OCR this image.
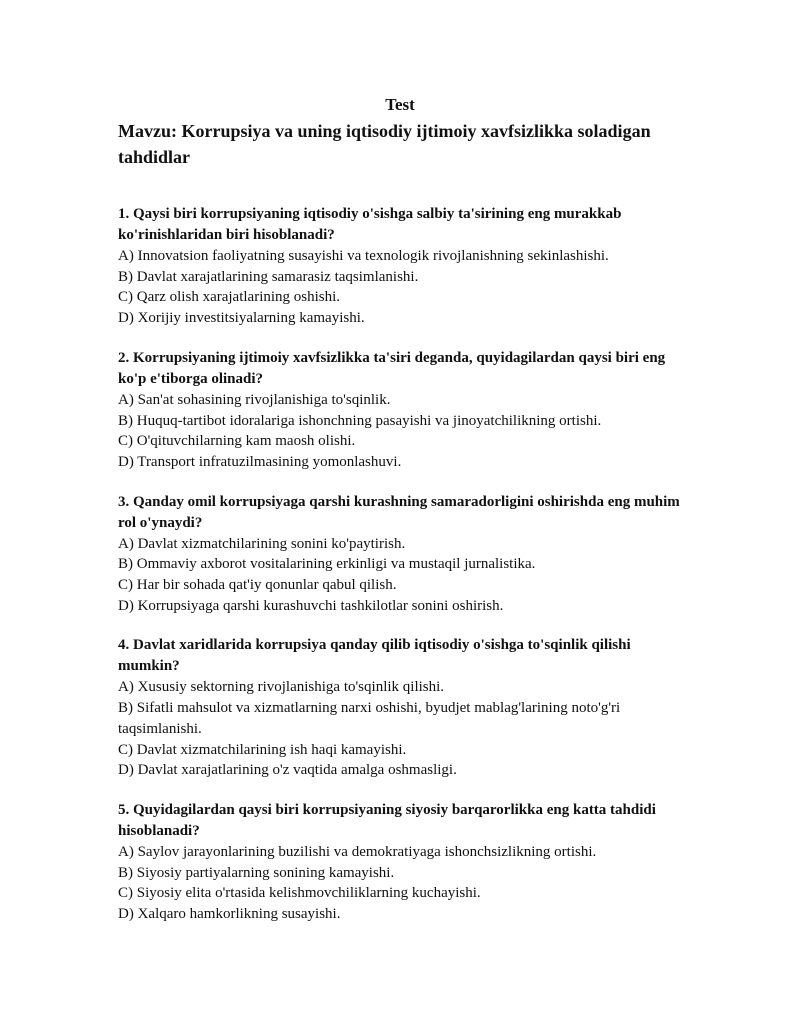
Test
Mavzu: Korrupsiya va uning iqtisodiy ijtimoiy xavfsizlikka soladigan tahdidlar

1. Qaysi biri korrupsiyaning iqtisodiy o'sishga salbiy ta'sirining eng murakkab ko'rinishlaridan biri hisoblanadi?

A) Innovatsion faoliyatning susayishi va texnologik rivojlanishning sekinlashishi.
B) Davlat xarajatlarining samarasiz taqsimlanishi.
C) Qarz olish xarajatlarining oshishi.
D) Xorijiy investitsiyalarning kamayishi.

2. Korrupsiyaning ijtimoiy xavfsizlikka ta'siri deganda, quyidagilardan qaysi biri eng ko'p e'tiborga olinadi?

A) San'at sohasining rivojlanishiga to'sqinlik.
B) Huquq-tartibot idoralariga ishonchning pasayishi va jinoyatchilikning ortishi.
C) O'qituvchilarning kam maosh olishi.
D) Transport infratuzilmasining yomonlashuvi.

3. Qanday omil korrupsiyaga qarshi kurashning samaradorligini oshirishda eng muhim rol o'ynaydi?

A) Davlat xizmatchilarining sonini ko'paytirish.
B) Ommaviy axborot vositalarining erkinligi va mustaqil jurnalistika.
C) Har bir sohada qat'iy qonunlar qabul qilish.
D) Korrupsiyaga qarshi kurashuvchi tashkilotlar sonini oshirish.

4. Davlat xaridlarida korrupsiya qanday qilib iqtisodiy o'sishga to'sqinlik qilishi mumkin?

A) Xususiy sektorning rivojlanishiga to'sqinlik qilishi.
B) Sifatli mahsulot va xizmatlarning narxi oshishi, byudjet mablag'larining noto'g'ri taqsimlanishi.
C) Davlat xizmatchilarining ish haqi kamayishi.
D) Davlat xarajatlarining o'z vaqtida amalga oshmasligi.

5. Quyidagilardan qaysi biri korrupsiyaning siyosiy barqarorlikka eng katta tahdidi hisoblanadi?

A) Saylov jarayonlarining buzilishi va demokratiyaga ishonchsizlikning ortishi.
B) Siyosiy partiyalarning sonining kamayishi.
C) Siyosiy elita o'rtasida kelishmovchiliklarning kuchayishi.
D) Xalqaro hamkorlikning susayishi.
